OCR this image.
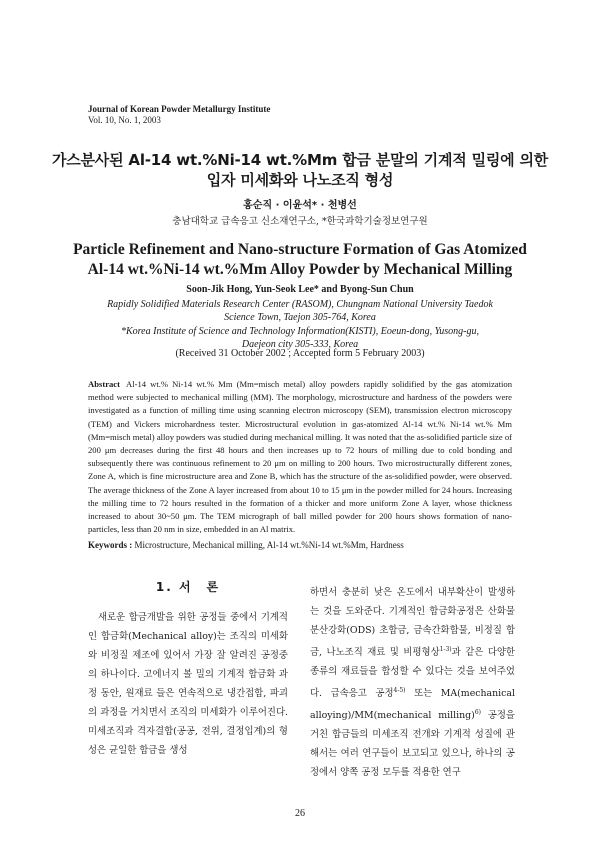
Journal of Korean Powder Metallurgy Institute
Vol. 10, No. 1, 2003
가스분사된 Al-14 wt.%Ni-14 wt.%Mm 합금 분말의 기계적 밀링에 의한
입자 미세화와 나노조직 형성
홍순직 · 이윤석* · 천병선
충남대학교 급속응고 신소재연구소, *한국과학기술정보연구원
Particle Refinement and Nano-structure Formation of Gas Atomized
Al-14 wt.%Ni-14 wt.%Mm Alloy Powder by Mechanical Milling
Soon-Jik Hong, Yun-Seok Lee* and Byong-Sun Chun
Rapidly Solidified Materials Research Center (RASOM), Chungnam National University Taedok
Science Town, Taejon 305-764, Korea
*Korea Institute of Science and Technology Information(KISTI), Eoeun-dong, Yusong-gu,
Daejeon city 305-333, Korea
(Received 31 October 2002 ; Accepted form 5 February 2003)
Abstract Al-14 wt.% Ni-14 wt.% Mm (Mm=misch metal) alloy powders rapidly solidified by the gas atomization method were subjected to mechanical milling (MM). The morphology, microstructure and hardness of the powders were investigated as a function of milling time using scanning electron microscopy (SEM), transmission electron microscopy (TEM) and Vickers microhardness tester. Microstructural evolution in gas-atomized Al-14 wt.% Ni-14 wt.% Mm (Mm=misch metal) alloy powders was studied during mechanical milling. It was noted that the as-solidified particle size of 200 μm decreases during the first 48 hours and then increases up to 72 hours of milling due to cold bonding and subsequently there was continuous refinement to 20 μm on milling to 200 hours. Two microstructurally different zones, Zone A, which is fine microstructure area and Zone B, which has the structure of the as-solidified powder, were observed. The average thickness of the Zone A layer increased from about 10 to 15 μm in the powder milled for 24 hours. Increasing the milling time to 72 hours resulted in the formation of a thicker and more uniform Zone A layer, whose thickness increased to about 30~50 μm. The TEM micrograph of ball milled powder for 200 hours shows formation of nano-particles, less than 20 nm in size, embedded in an Al matrix.
Keywords : Microstructure, Mechanical milling, Al-14 wt.%Ni-14 wt.%Mm, Hardness
1. 서　론
새로운 합금개발을 위한 공정들 중에서 기계적인 합금화(Mechanical alloy)는 조직의 미세화와 비정질 제조에 있어서 가장 잘 알려진 공정중의 하나이다. 고에너지 볼 밀의 기계적 합금화 과정 동안, 원재료 들은 연속적으로 냉간접합, 파괴의 과정을 거치면서 조직의 미세화가 이루어진다. 미세조직과 격자결합(공공, 전위, 결정입계)의 형성은 균일한 합금을 생성
하면서 충분히 낮은 온도에서 내부확산이 발생하는 것을 도와준다. 기계적인 합금화공정은 산화물분산강화(ODS) 초합금, 금속간화합물, 비정질 합금, 나노조직 재료 및 비평형상$^{1-3)}$과 같은 다양한 종류의 재료들을 합성할 수 있다는 것을 보여주었다. 급속응고 공정$^{4-5)}$ 또는 MA(mechanical alloying)/MM(mechanical milling)$^{6)}$ 공정을 거친 합금들의 미세조직 전개와 기계적 성질에 관해서는 여러 연구들이 보고되고 있으나, 하나의 공정에서 양쪽 공정 모두를 적용한 연구
26
